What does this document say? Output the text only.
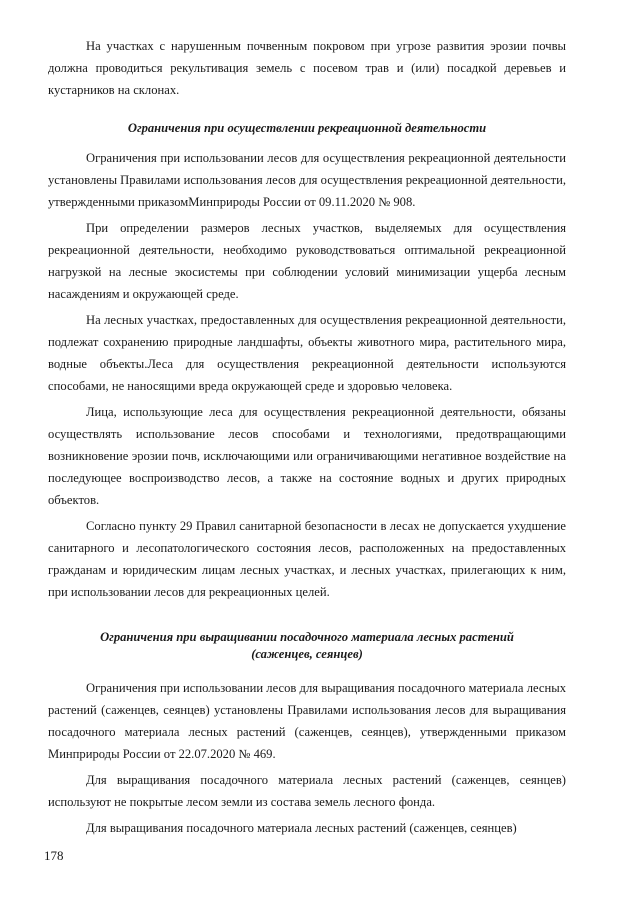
На участках с нарушенным почвенным покровом при угрозе развития эрозии почвы должна проводиться рекультивация земель с посевом трав и (или) посадкой деревьев и кустарников на склонах.

Ограничения при осуществлении рекреационной деятельности

Ограничения при использовании лесов для осуществления рекреационной деятельности установлены Правилами использования лесов для осуществления рекреационной деятельности, утвержденными приказомМинприроды России от 09.11.2020 № 908.

При определении размеров лесных участков, выделяемых для осуществления рекреационной деятельности, необходимо руководствоваться оптимальной рекреационной нагрузкой на лесные экосистемы при соблюдении условий минимизации ущерба лесным насаждениям и окружающей среде.

На лесных участках, предоставленных для осуществления рекреационной деятельности, подлежат сохранению природные ландшафты, объекты животного мира, растительного мира, водные объекты.Леса для осуществления рекреационной деятельности используются способами, не наносящими вреда окружающей среде и здоровью человека.

Лица, использующие леса для осуществления рекреационной деятельности, обязаны осуществлять использование лесов способами и технологиями, предотвращающими возникновение эрозии почв, исключающими или ограничивающими негативное воздействие на последующее воспроизводство лесов, а также на состояние водных и других природных объектов.

Согласно пункту 29 Правил санитарной безопасности в лесах не допускается ухудшение санитарного и лесопатологического состояния лесов, расположенных на предоставленных гражданам и юридическим лицам лесных участках, и лесных участках, прилегающих к ним, при использовании лесов для рекреационных целей.

Ограничения при выращивании посадочного материала лесных растений
(саженцев, сеянцев)

Ограничения при использовании лесов для выращивания посадочного материала лесных растений (саженцев, сеянцев) установлены Правилами использования лесов для выращивания посадочного материала лесных растений (саженцев, сеянцев), утвержденными приказом Минприроды России от 22.07.2020 № 469.

Для выращивания посадочного материала лесных растений (саженцев, сеянцев) используют не покрытые лесом земли из состава земель лесного фонда.

Для выращивания посадочного материала лесных растений (саженцев, сеянцев)

178
